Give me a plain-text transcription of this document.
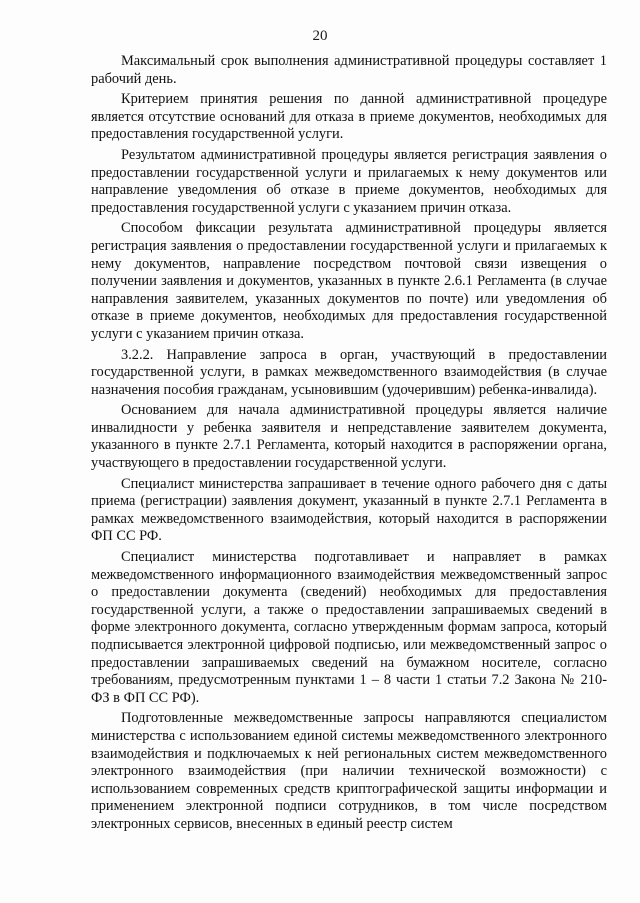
20

Максимальный срок выполнения административной процедуры составляет 1 рабочий день.

Критерием принятия решения по данной административной процедуре является отсутствие оснований для отказа в приеме документов, необходимых для предоставления государственной услуги.

Результатом административной процедуры является регистрация заявления о предоставлении государственной услуги и прилагаемых к нему документов или направление уведомления об отказе в приеме документов, необходимых для предоставления государственной услуги с указанием причин отказа.

Способом фиксации результата административной процедуры является регистрация заявления о предоставлении государственной услуги и прилагаемых к нему документов, направление посредством почтовой связи извещения о получении заявления и документов, указанных в пункте 2.6.1 Регламента (в случае направления заявителем, указанных документов по почте) или уведомления об отказе в приеме документов, необходимых для предоставления государственной услуги с указанием причин отказа.

3.2.2. Направление запроса в орган, участвующий в предоставлении государственной услуги, в рамках межведомственного взаимодействия (в случае назначения пособия гражданам, усыновившим (удочерившим) ребенка-инвалида).

Основанием для начала административной процедуры является наличие инвалидности у ребенка заявителя и непредставление заявителем документа, указанного в пункте 2.7.1 Регламента, который находится в распоряжении органа, участвующего в предоставлении государственной услуги.

Специалист министерства запрашивает в течение одного рабочего дня с даты приема (регистрации) заявления документ, указанный в пункте 2.7.1 Регламента в рамках межведомственного взаимодействия, который находится в распоряжении ФП СС РФ.

Специалист министерства подготавливает и направляет в рамках межведомственного информационного взаимодействия межведомственный запрос о предоставлении документа (сведений) необходимых для предоставления государственной услуги, а также о предоставлении запрашиваемых сведений в форме электронного документа, согласно утвержденным формам запроса, который подписывается электронной цифровой подписью, или межведомственный запрос о предоставлении запрашиваемых сведений на бумажном носителе, согласно требованиям, предусмотренным пунктами 1 – 8 части 1 статьи 7.2 Закона № 210-ФЗ в ФП СС РФ).

Подготовленные межведомственные запросы направляются специалистом министерства с использованием единой системы межведомственного электронного взаимодействия и подключаемых к ней региональных систем межведомственного электронного взаимодействия (при наличии технической возможности) с использованием современных средств криптографической защиты информации и применением электронной подписи сотрудников, в том числе посредством электронных сервисов, внесенных в единый реестр систем
